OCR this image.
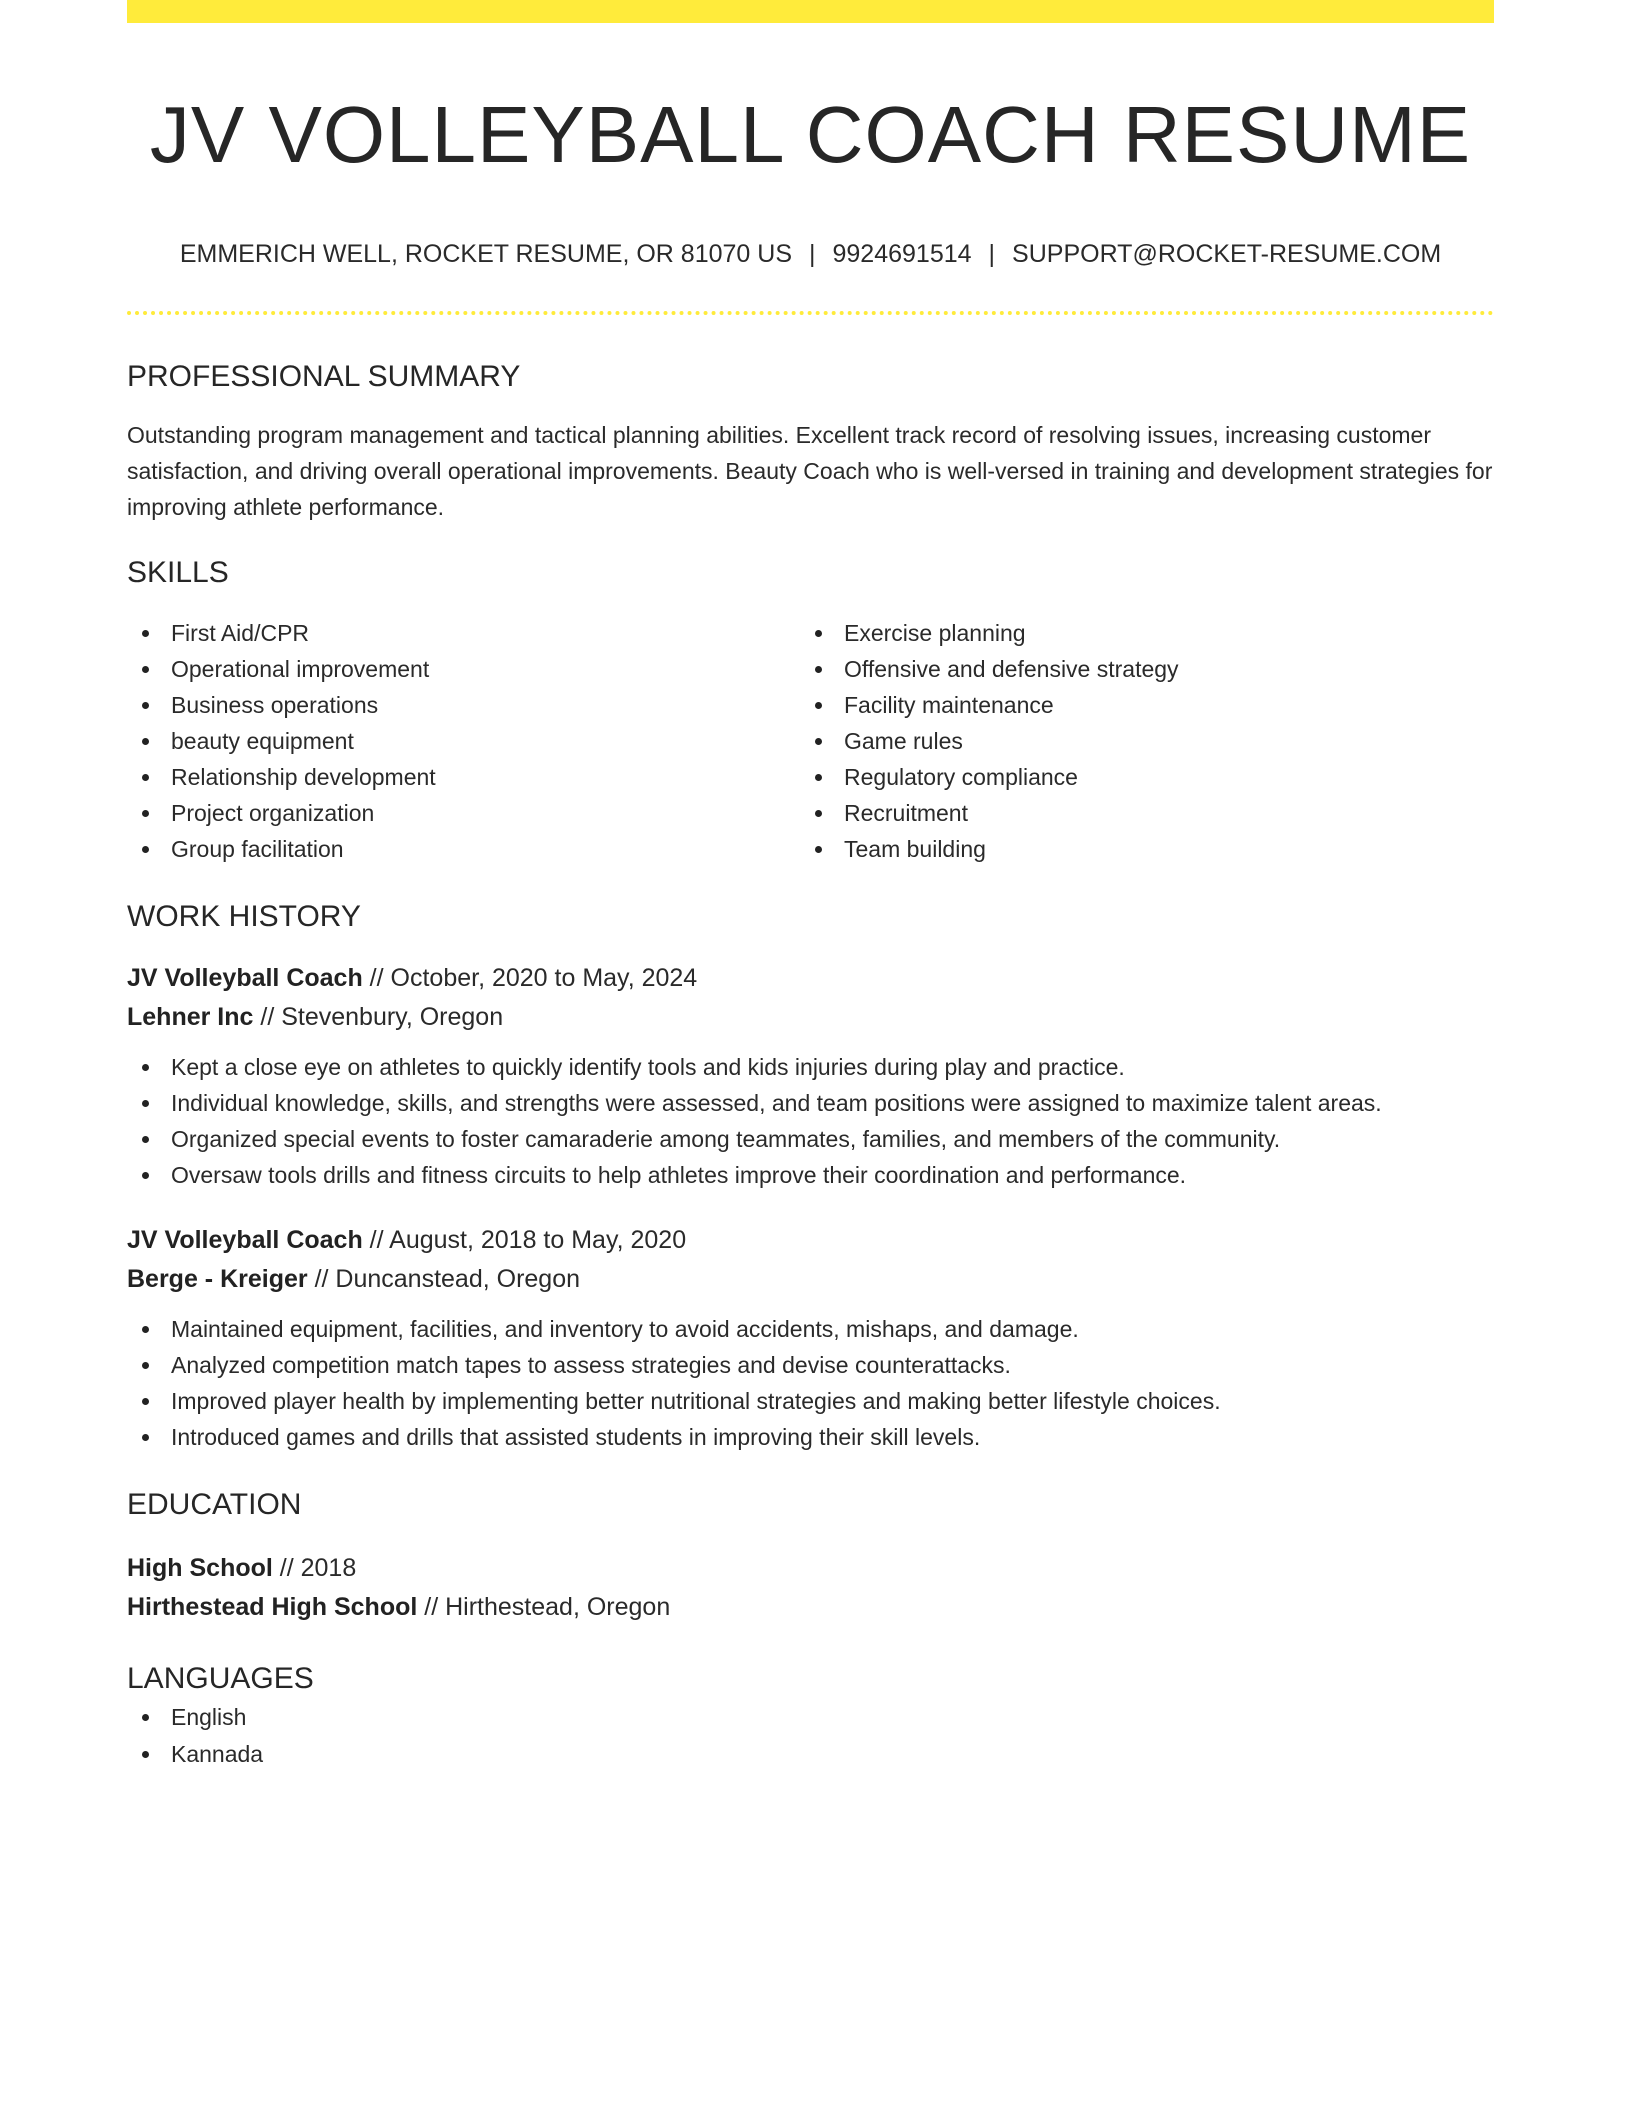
JV VOLLEYBALL COACH RESUME
EMMERICH WELL, ROCKET RESUME, OR 81070 US | 9924691514 | SUPPORT@ROCKET-RESUME.COM
PROFESSIONAL SUMMARY

Outstanding program management and tactical planning abilities. Excellent track record of resolving issues, increasing customer satisfaction, and driving overall operational improvements. Beauty Coach who is well-versed in training and development strategies for improving athlete performance.

SKILLS
First Aid/CPR
Operational improvement
Business operations
beauty equipment
Relationship development
Project organization
Group facilitation
Exercise planning
Offensive and defensive strategy
Facility maintenance
Game rules
Regulatory compliance
Recruitment
Team building
WORK HISTORY
JV Volleyball Coach // October, 2020 to May, 2024
Lehner Inc // Stevenbury, Oregon
Kept a close eye on athletes to quickly identify tools and kids injuries during play and practice.
Individual knowledge, skills, and strengths were assessed, and team positions were assigned to maximize talent areas.
Organized special events to foster camaraderie among teammates, families, and members of the community.
Oversaw tools drills and fitness circuits to help athletes improve their coordination and performance.
JV Volleyball Coach // August, 2018 to May, 2020
Berge - Kreiger // Duncanstead, Oregon
Maintained equipment, facilities, and inventory to avoid accidents, mishaps, and damage.
Analyzed competition match tapes to assess strategies and devise counterattacks.
Improved player health by implementing better nutritional strategies and making better lifestyle choices.
Introduced games and drills that assisted students in improving their skill levels.
EDUCATION
High School // 2018
Hirthestead High School // Hirthestead, Oregon
LANGUAGES
English
Kannada
